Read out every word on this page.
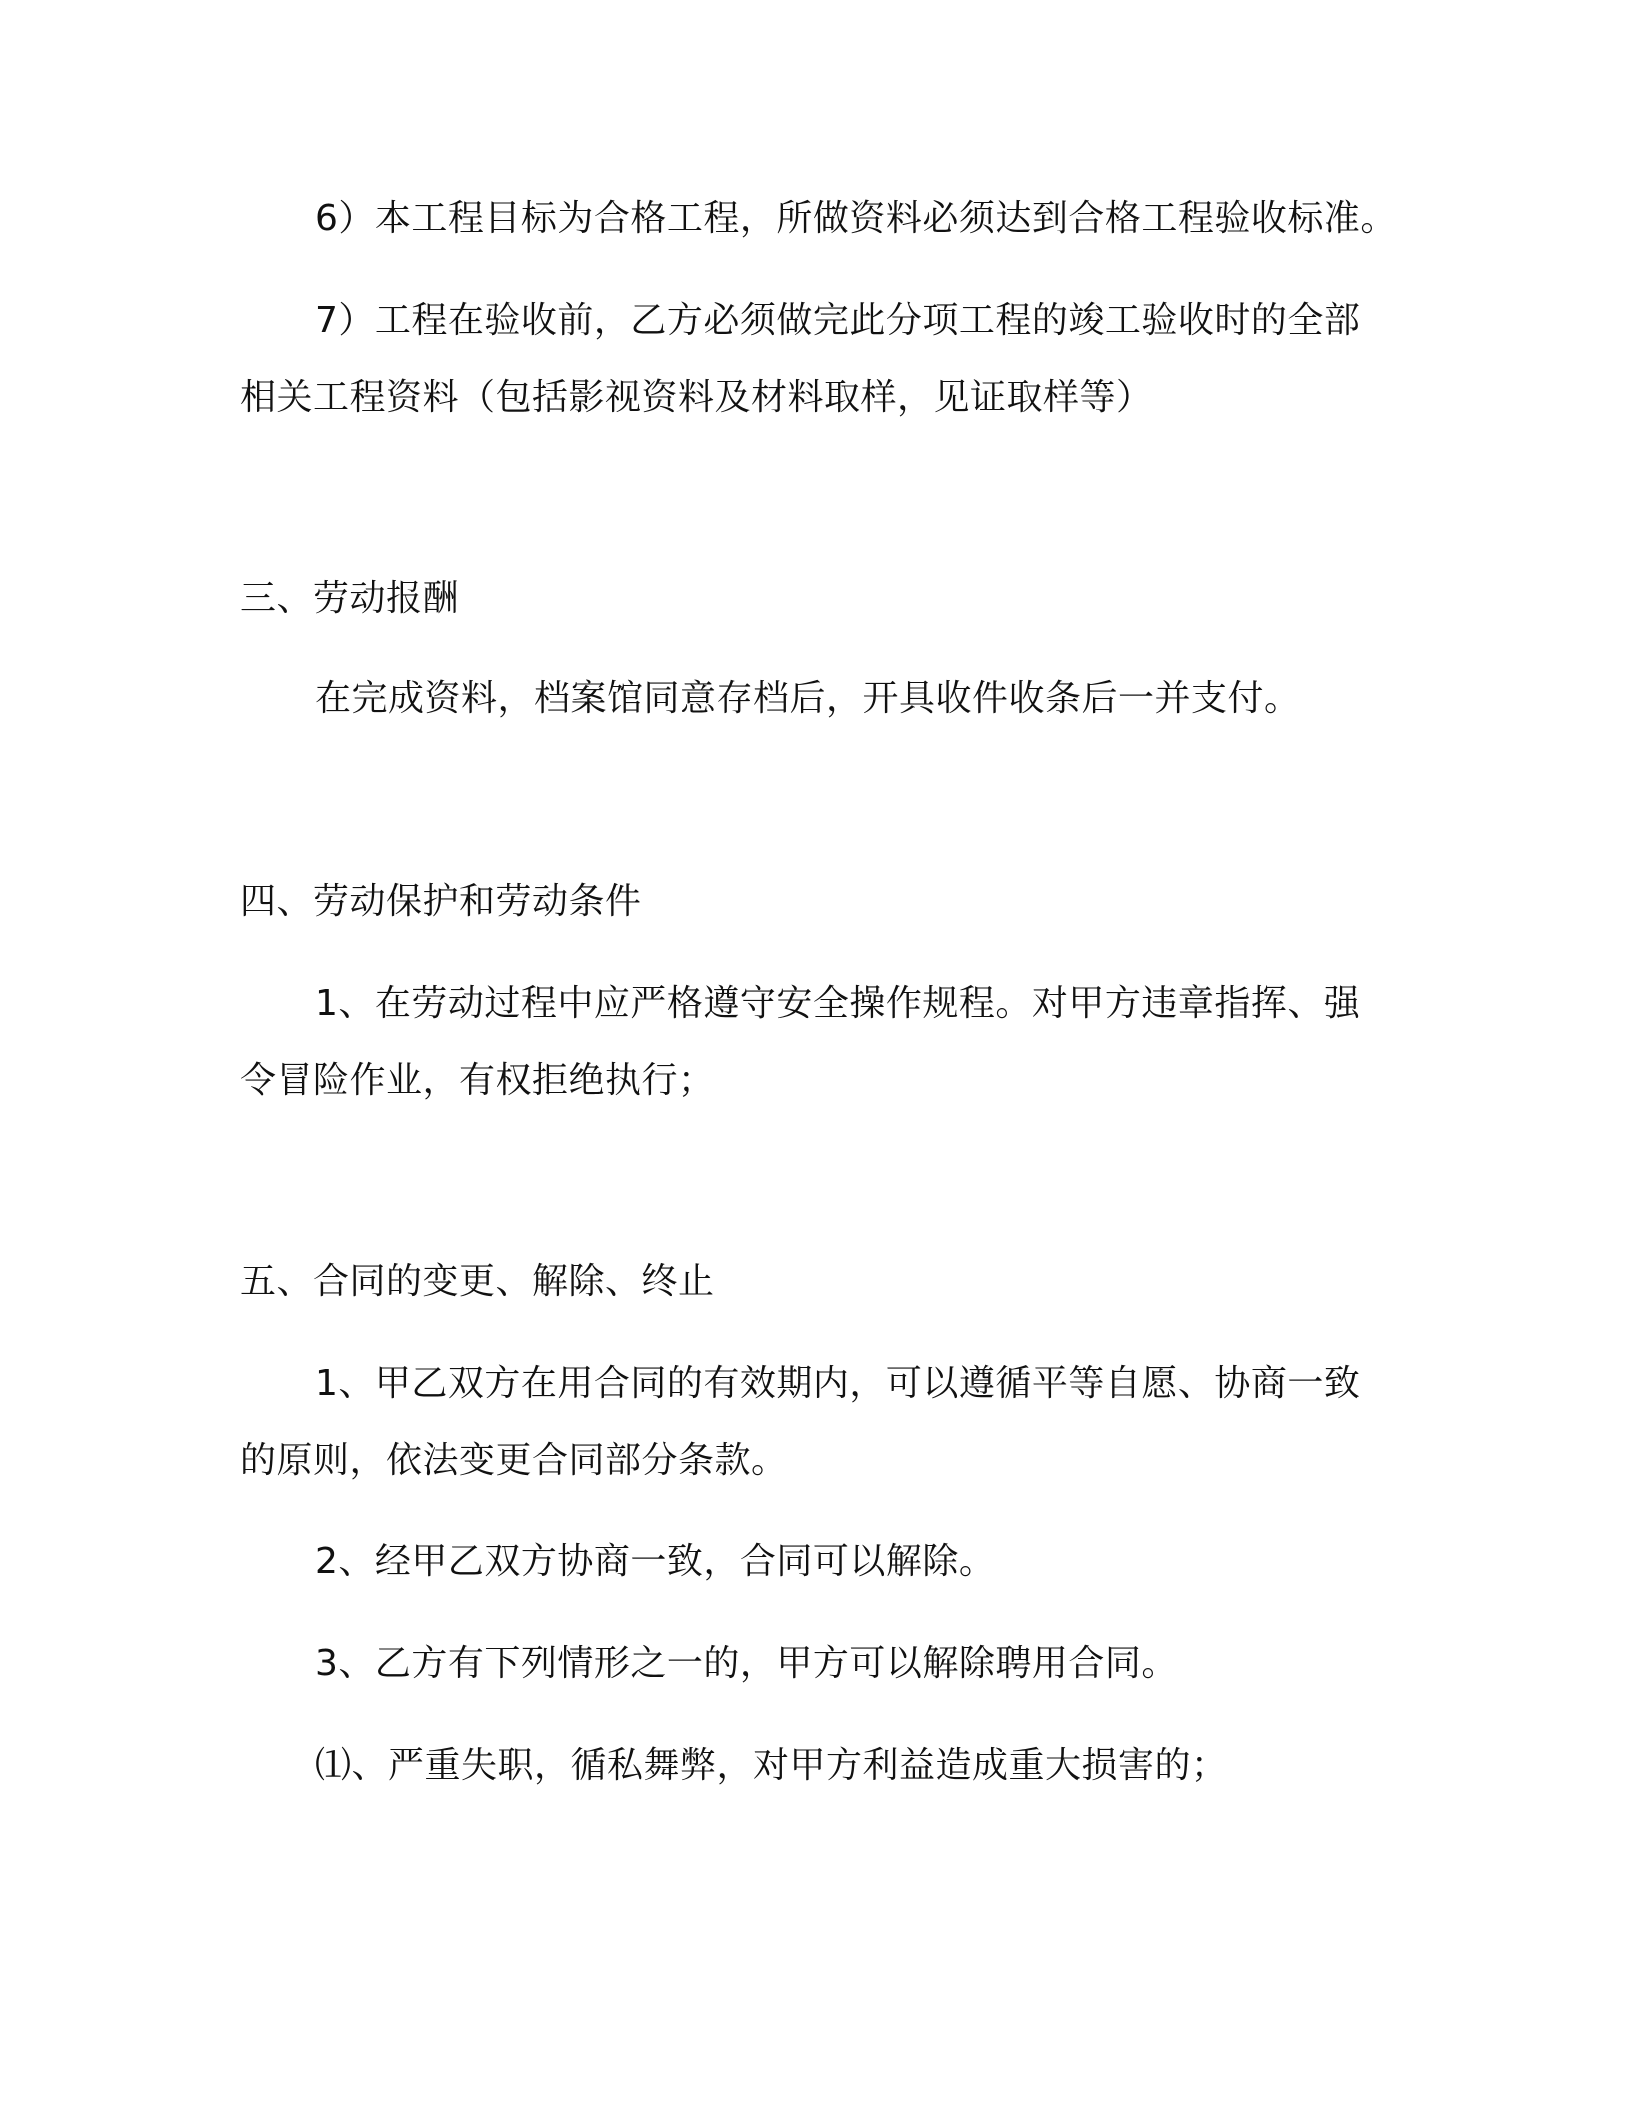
6）本工程目标为合格工程，所做资料必须达到合格工程验收标准。
7）工程在验收前，乙方必须做完此分项工程的竣工验收时的全部
相关工程资料（包括影视资料及材料取样，见证取样等）
三、劳动报酬
在完成资料，档案馆同意存档后，开具收件收条后一并支付。
四、劳动保护和劳动条件
1、在劳动过程中应严格遵守安全操作规程。对甲方违章指挥、强
令冒险作业，有权拒绝执行；
五、合同的变更、解除、终止
1、甲乙双方在用合同的有效期内，可以遵循平等自愿、协商一致
的原则，依法变更合同部分条款。
2、经甲乙双方协商一致，合同可以解除。
3、乙方有下列情形之一的，甲方可以解除聘用合同。
⑴、严重失职，循私舞弊，对甲方利益造成重大损害的；
